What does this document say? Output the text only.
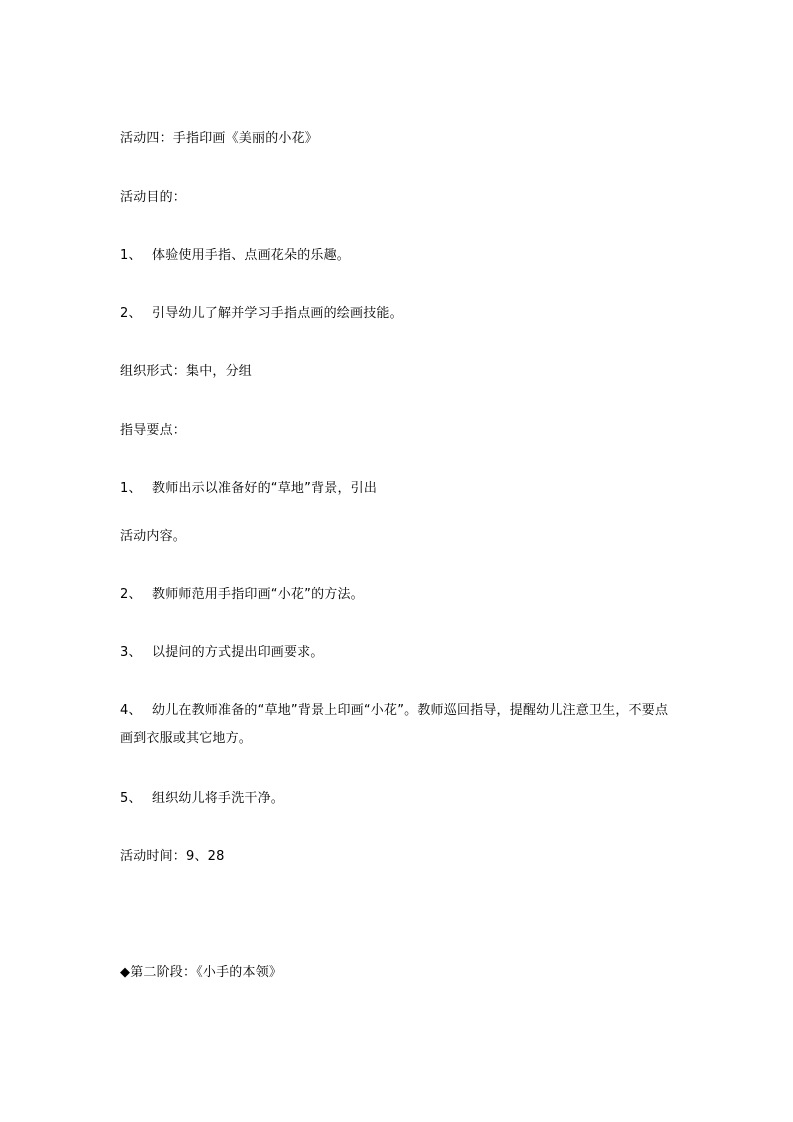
活动四：手指印画《美丽的小花》
活动目的：
1、 体验使用手指、点画花朵的乐趣。
2、 引导幼儿了解并学习手指点画的绘画技能。
组织形式：集中，分组
指导要点：
1、 教师出示以准备好的“草地”背景，引出
活动内容。
2、 教师师范用手指印画“小花”的方法。
3、 以提问的方式提出印画要求。
4、 幼儿在教师准备的“草地”背景上印画“小花”。教师巡回指导，提醒幼儿注意卫生，不要点画到衣服或其它地方。
5、 组织幼儿将手洗干净。
活动时间：9、28
◆第二阶段：《小手的本领》
